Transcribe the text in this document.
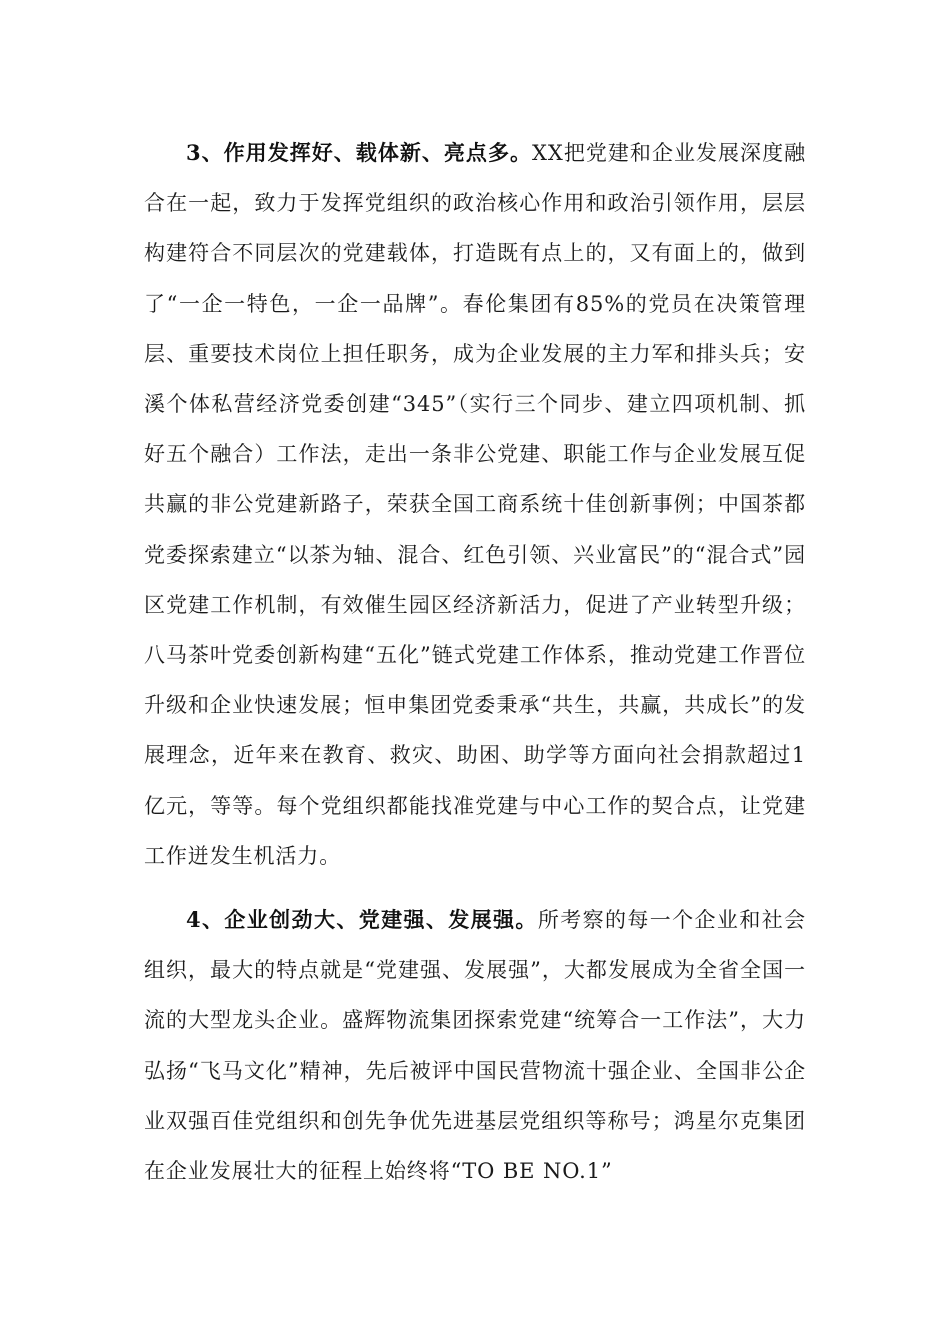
3、作用发挥好、载体新、亮点多。XX把党建和企业发展深度融合在一起，致力于发挥党组织的政治核心作用和政治引领作用，层层构建符合不同层次的党建载体，打造既有点上的，又有面上的，做到了“一企一特色，一企一品牌”。春伦集团有85%的党员在决策管理层、重要技术岗位上担任职务，成为企业发展的主力军和排头兵；安溪个体私营经济党委创建“345”（实行三个同步、建立四项机制、抓好五个融合）工作法，走出一条非公党建、职能工作与企业发展互促共赢的非公党建新路子，荣获全国工商系统十佳创新事例；中国茶都党委探索建立“以茶为轴、混合、红色引领、兴业富民”的“混合式”园区党建工作机制，有效催生园区经济新活力，促进了产业转型升级；八马茶叶党委创新构建“五化”链式党建工作体系，推动党建工作晋位升级和企业快速发展；恒申集团党委秉承“共生，共赢，共成长”的发展理念，近年来在教育、救灾、助困、助学等方面向社会捐款超过1亿元，等等。每个党组织都能找准党建与中心工作的契合点，让党建工作迸发生机活力。

4、企业创劲大、党建强、发展强。所考察的每一个企业和社会组织，最大的特点就是“党建强、发展强”，大都发展成为全省全国一流的大型龙头企业。盛辉物流集团探索党建“统筹合一工作法”，大力弘扬“飞马文化”精神，先后被评中国民营物流十强企业、全国非公企业双强百佳党组织和创先争优先进基层党组织等称号；鸿星尔克集团在企业发展壮大的征程上始终将“TO BE NO.1”
